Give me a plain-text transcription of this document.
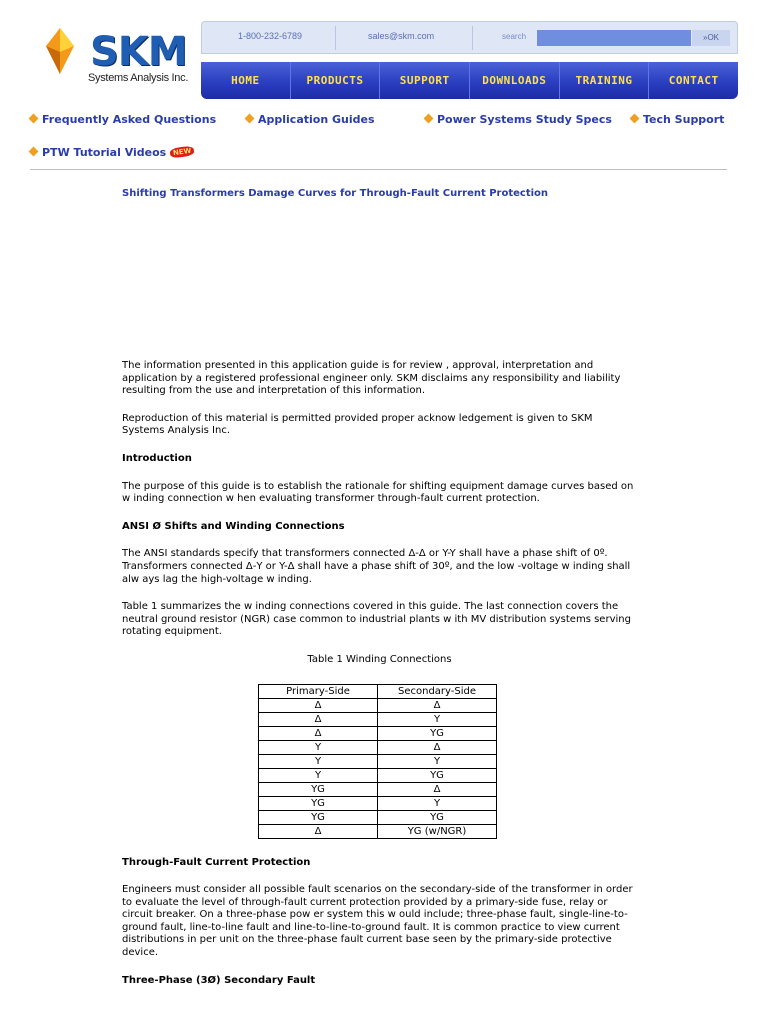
SKM
Systems Analysis Inc.
1-800-232-6789	sales@skm.com	search	»OK
HOME	PRODUCTS	SUPPORT	DOWNLOADS	TRAINING	CONTACT
Frequently Asked Questions	Application Guides	Power Systems Study Specs	Tech Support
PTW Tutorial Videos NEW
Shifting Transformers Damage Curves for Through-Fault Current Protection

The information presented in this application guide is for review , approval, interpretation and application by a registered professional engineer only. SKM disclaims any responsibility and liability resulting from the use and interpretation of this information.

Reproduction of this material is permitted provided proper acknow ledgement is given to SKM Systems Analysis Inc.

Introduction

The purpose of this guide is to establish the rationale for shifting equipment damage curves based on w inding connection w hen evaluating transformer through-fault current protection.

ANSI Ø Shifts and Winding Connections

The ANSI standards specify that transformers connected Δ-Δ or Y-Y shall have a phase shift of 0º. Transformers connected Δ-Y or Y-Δ shall have a phase shift of 30º, and the low -voltage w inding shall alw ays lag the high-voltage w inding.

Table 1 summarizes the w inding connections covered in this guide. The last connection covers the neutral ground resistor (NGR) case common to industrial plants w ith MV distribution systems serving rotating equipment.

Table 1 Winding Connections
Primary-Side	Secondary-Side
Δ	Δ
Δ	Y
Δ	YG
Y	Δ
Y	Y
Y	YG
YG	Δ
YG	Y
YG	YG
Δ	YG (w/NGR)
Through-Fault Current Protection

Engineers must consider all possible fault scenarios on the secondary-side of the transformer in order to evaluate the level of through-fault current protection provided by a primary-side fuse, relay or circuit breaker. On a three-phase pow er system this w ould include; three-phase fault, single-line-to-ground fault, line-to-line fault and line-to-line-to-ground fault. It is common practice to view current distributions in per unit on the three-phase fault current base seen by the primary-side protective device.

Three-Phase (3Ø) Secondary Fault
